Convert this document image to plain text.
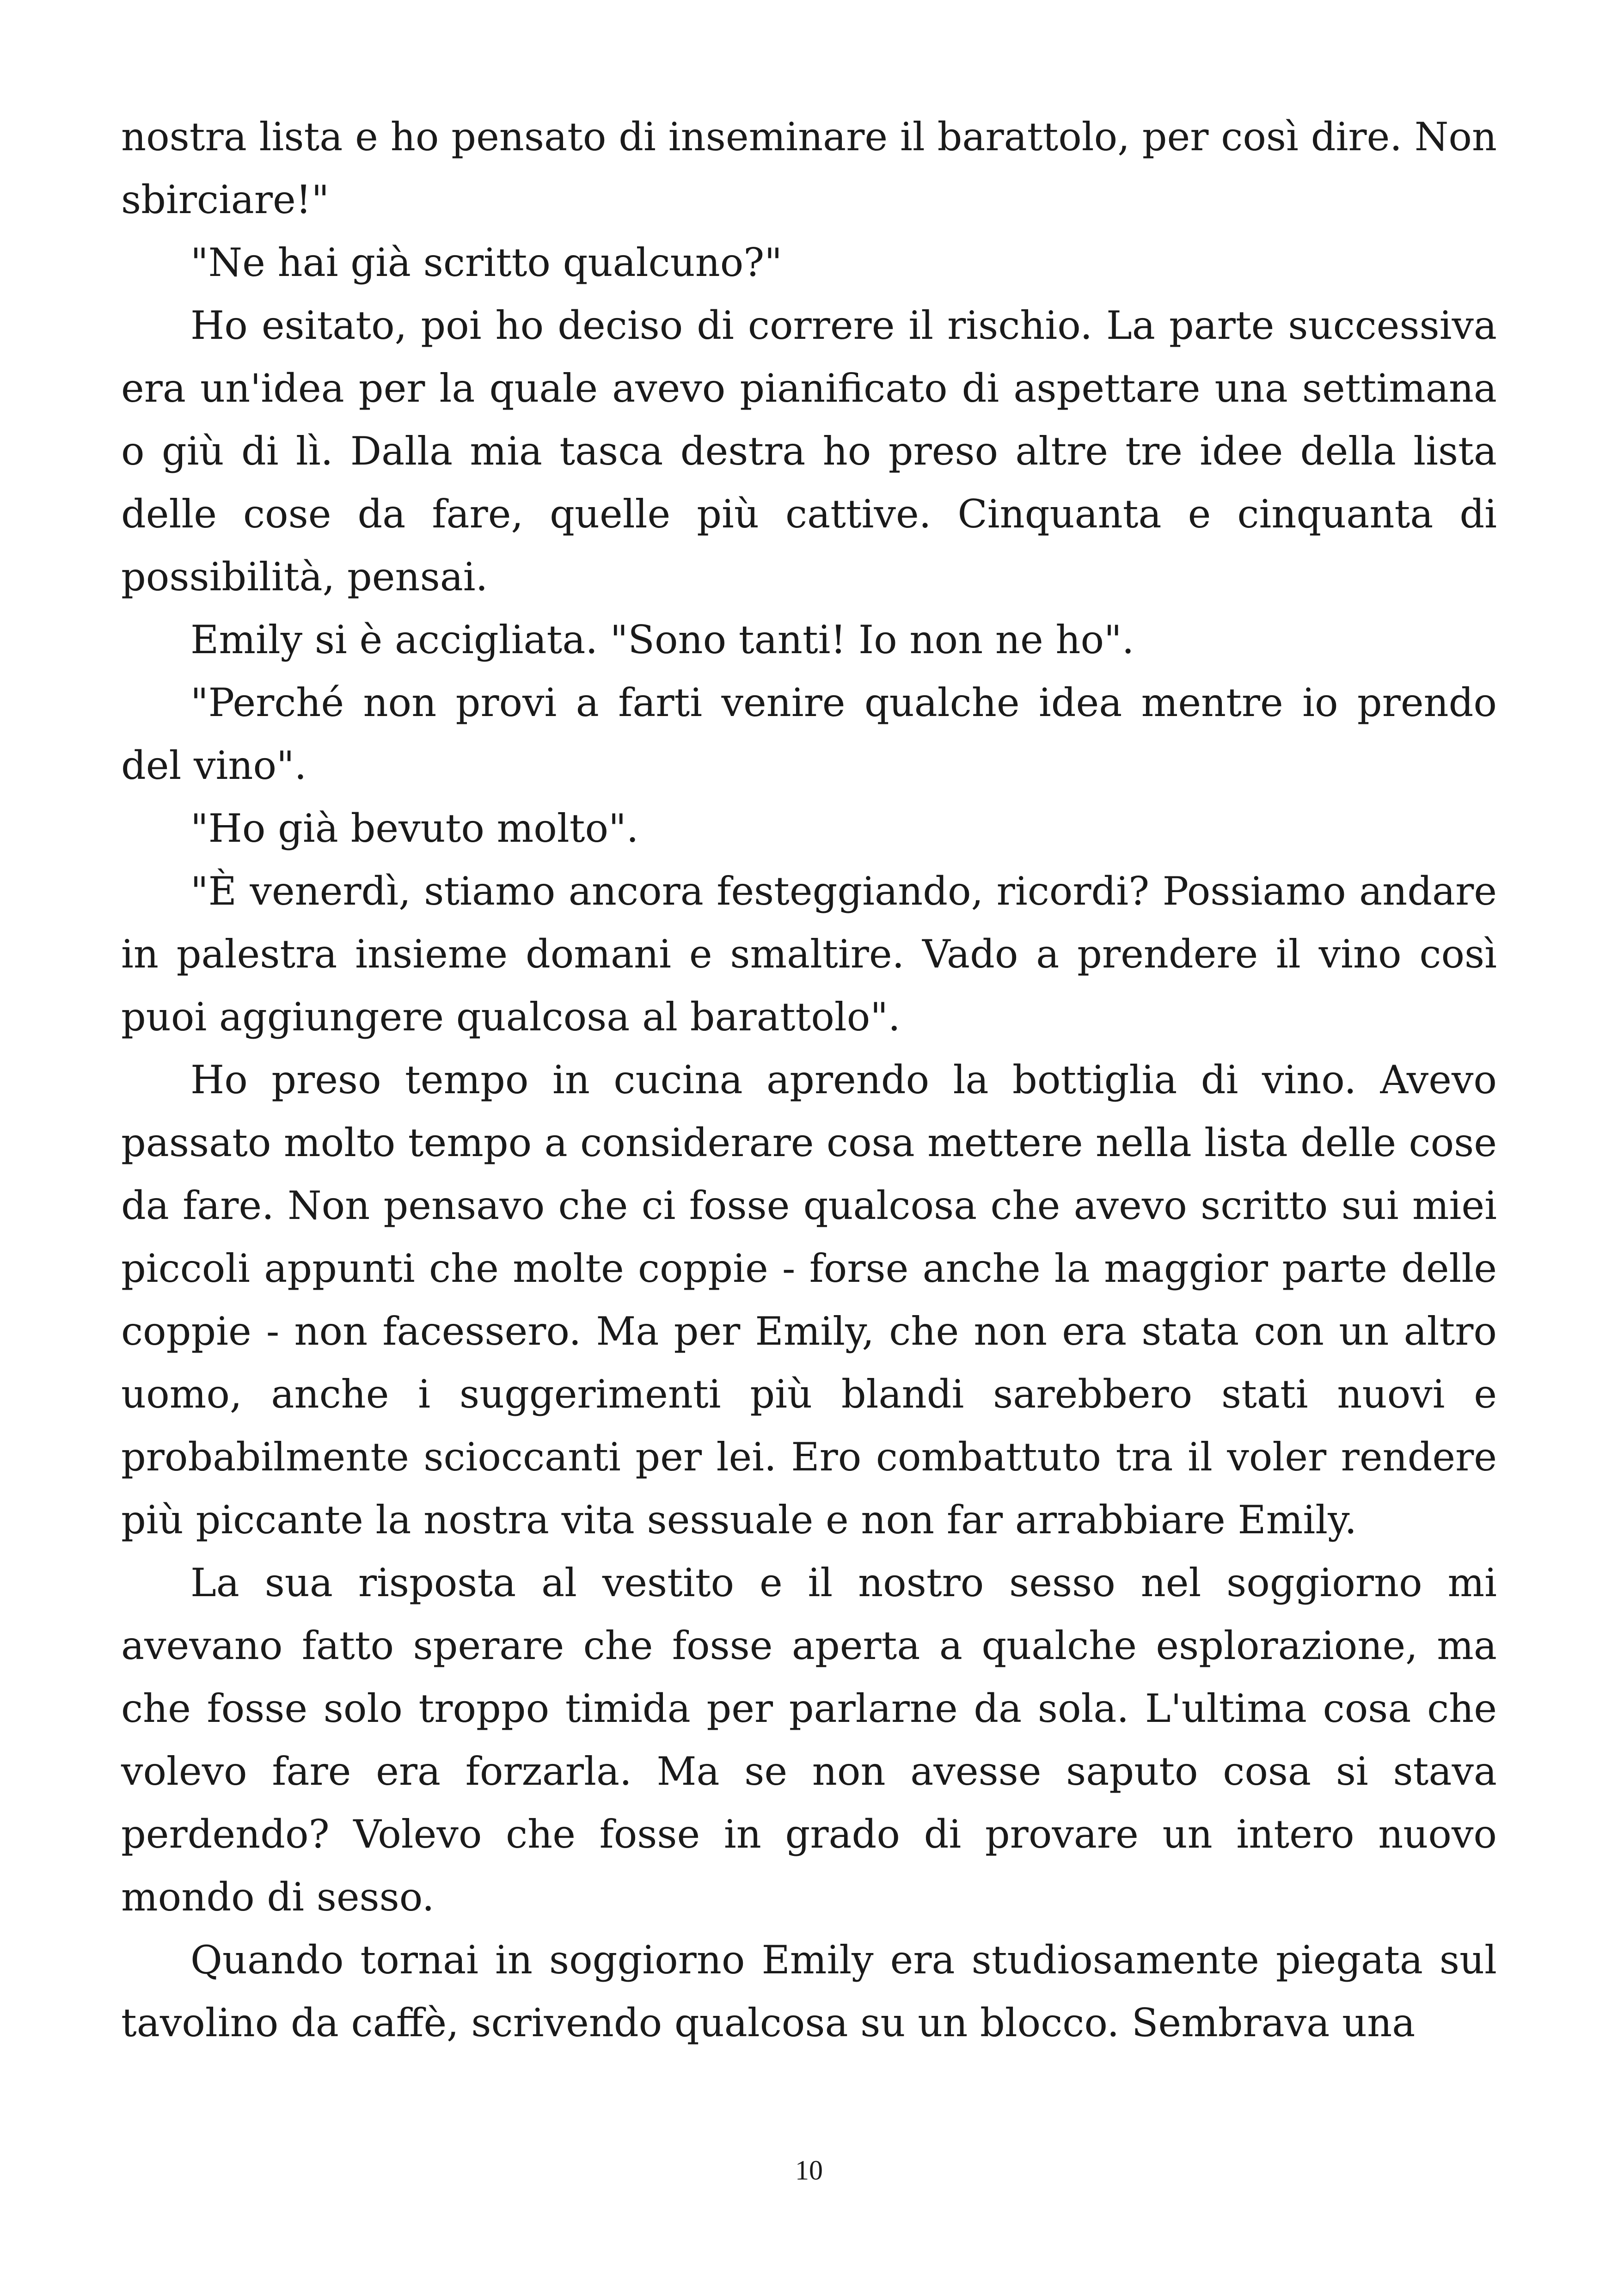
nostra lista e ho pensato di inseminare il barattolo, per così dire. Non sbirciare!"

"Ne hai già scritto qualcuno?"

Ho esitato, poi ho deciso di correre il rischio. La parte successiva era un'idea per la quale avevo pianificato di aspettare una settimana o giù di lì. Dalla mia tasca destra ho preso altre tre idee della lista delle cose da fare, quelle più cattive. Cinquanta e cinquanta di possibilità, pensai.

Emily si è accigliata. "Sono tanti! Io non ne ho".

"Perché non provi a farti venire qualche idea mentre io prendo del vino".

"Ho già bevuto molto".

"È venerdì, stiamo ancora festeggiando, ricordi? Possiamo andare in palestra insieme domani e smaltire. Vado a prendere il vino così puoi aggiungere qualcosa al barattolo".

Ho preso tempo in cucina aprendo la bottiglia di vino. Avevo passato molto tempo a considerare cosa mettere nella lista delle cose da fare. Non pensavo che ci fosse qualcosa che avevo scritto sui miei piccoli appunti che molte coppie - forse anche la maggior parte delle coppie - non facessero. Ma per Emily, che non era stata con un altro uomo, anche i suggerimenti più blandi sarebbero stati nuovi e probabilmente scioccanti per lei. Ero combattuto tra il voler rendere più piccante la nostra vita sessuale e non far arrabbiare Emily.

La sua risposta al vestito e il nostro sesso nel soggiorno mi avevano fatto sperare che fosse aperta a qualche esplorazione, ma che fosse solo troppo timida per parlarne da sola. L'ultima cosa che volevo fare era forzarla. Ma se non avesse saputo cosa si stava perdendo? Volevo che fosse in grado di provare un intero nuovo mondo di sesso.

Quando tornai in soggiorno Emily era studiosamente piegata sul tavolino da caffè, scrivendo qualcosa su un blocco. Sembrava una

10
